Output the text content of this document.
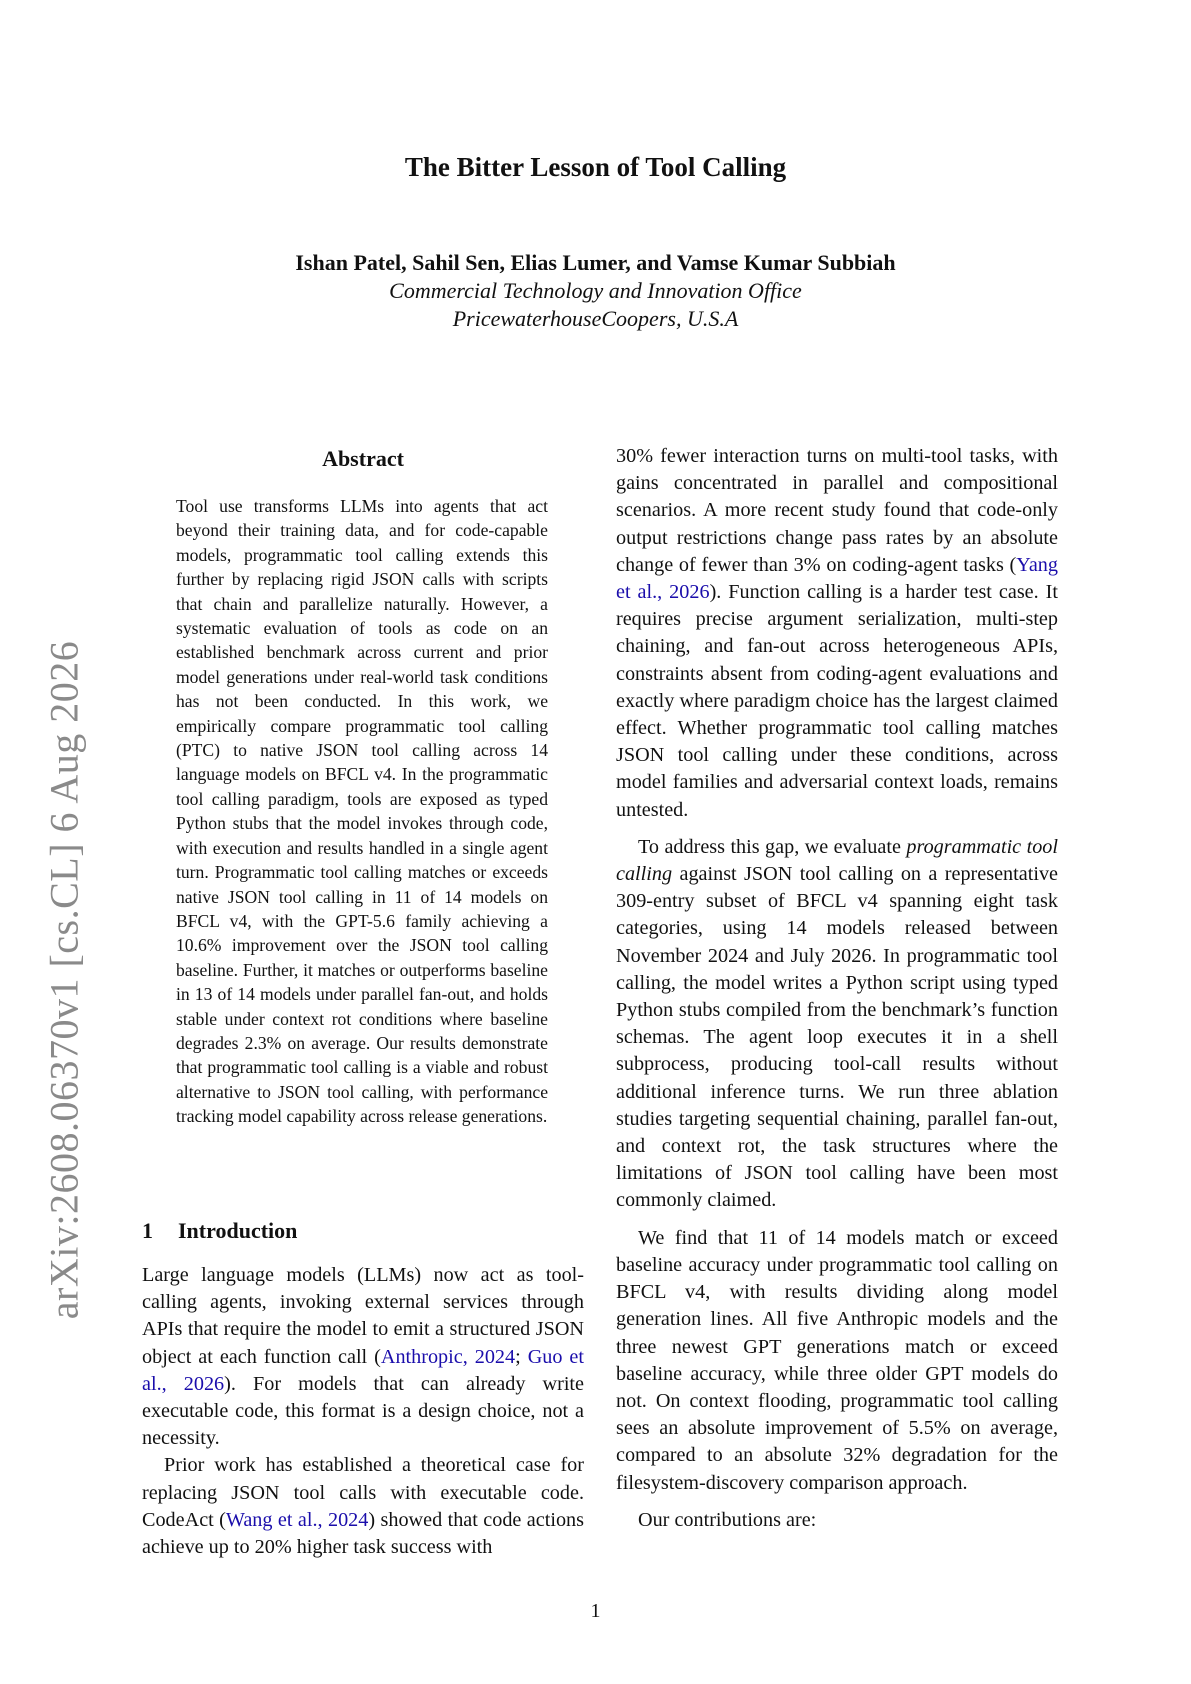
The Bitter Lesson of Tool Calling
Ishan Patel, Sahil Sen, Elias Lumer, and Vamse Kumar Subbiah
Commercial Technology and Innovation Office
PricewaterhouseCoopers, U.S.A
arXiv:2608.06370v1 [cs.CL] 6 Aug 2026
Abstract

Tool use transforms LLMs into agents that act beyond their training data, and for code-capable models, programmatic tool calling extends this further by replacing rigid JSON calls with scripts that chain and parallelize naturally. However, a systematic evaluation of tools as code on an established benchmark across current and prior model generations under real-world task conditions has not been conducted. In this work, we empirically compare programmatic tool calling (PTC) to native JSON tool calling across 14 language models on BFCL v4. In the programmatic tool calling paradigm, tools are exposed as typed Python stubs that the model invokes through code, with execution and results handled in a single agent turn. Programmatic tool calling matches or exceeds native JSON tool calling in 11 of 14 models on BFCL v4, with the GPT-5.6 family achieving a 10.6% improvement over the JSON tool calling baseline. Further, it matches or outperforms baseline in 13 of 14 models under parallel fan-out, and holds stable under context rot conditions where baseline degrades 2.3% on average. Our results demonstrate that programmatic tool calling is a viable and robust alternative to JSON tool calling, with performance tracking model capability across release generations.

1 Introduction

Large language models (LLMs) now act as tool-calling agents, invoking external services through APIs that require the model to emit a structured JSON object at each function call (Anthropic, 2024; Guo et al., 2026). For models that can already write executable code, this format is a design choice, not a necessity.

Prior work has established a theoretical case for replacing JSON tool calls with executable code. CodeAct (Wang et al., 2024) showed that code actions achieve up to 20% higher task success with

30% fewer interaction turns on multi-tool tasks, with gains concentrated in parallel and compositional scenarios. A more recent study found that code-only output restrictions change pass rates by an absolute change of fewer than 3% on coding-agent tasks (Yang et al., 2026). Function calling is a harder test case. It requires precise argument serialization, multi-step chaining, and fan-out across heterogeneous APIs, constraints absent from coding-agent evaluations and exactly where paradigm choice has the largest claimed effect. Whether programmatic tool calling matches JSON tool calling under these conditions, across model families and adversarial context loads, remains untested.

To address this gap, we evaluate programmatic tool calling against JSON tool calling on a representative 309-entry subset of BFCL v4 spanning eight task categories, using 14 models released between November 2024 and July 2026. In programmatic tool calling, the model writes a Python script using typed Python stubs compiled from the benchmark’s function schemas. The agent loop executes it in a shell subprocess, producing tool-call results without additional inference turns. We run three ablation studies targeting sequential chaining, parallel fan-out, and context rot, the task structures where the limitations of JSON tool calling have been most commonly claimed.

We find that 11 of 14 models match or exceed baseline accuracy under programmatic tool calling on BFCL v4, with results dividing along model generation lines. All five Anthropic models and the three newest GPT generations match or exceed baseline accuracy, while three older GPT models do not. On context flooding, programmatic tool calling sees an absolute improvement of 5.5% on average, compared to an absolute 32% degradation for the filesystem-discovery comparison approach.

Our contributions are:

1
